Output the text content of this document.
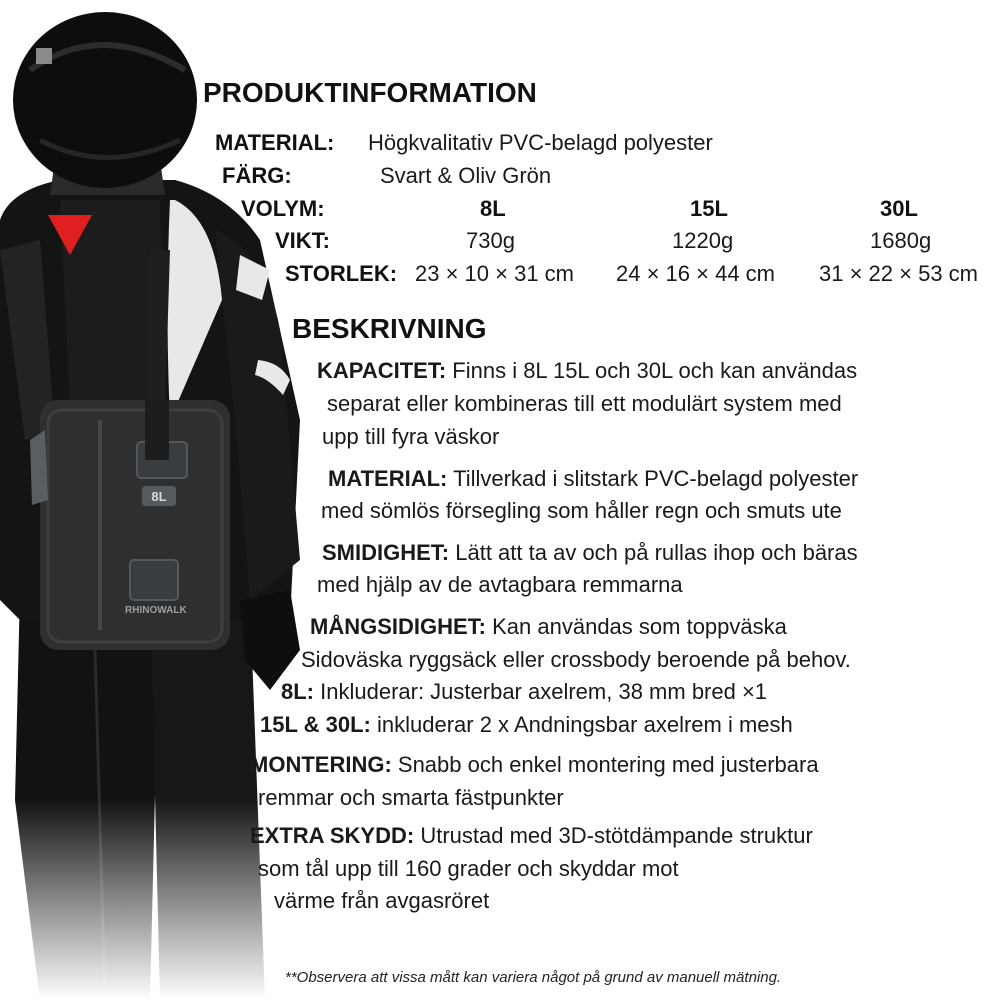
PRODUKTINFORMATION
MATERIAL: Högkvalitativ PVC-belagd polyester
FÄRG:	Svart & Oliv Grön
VOLYM:	8L	15L	30L
VIKT:	730g	1220g	1680g
STORLEK: 23 × 10 × 31 cm 24 × 16 × 44 cm 31 × 22 × 53 cm
BESKRIVNING
KAPACITET: Finns i 8L 15L och 30L och kan användas
separat eller kombineras till ett modulärt system med
upp till fyra väskor
MATERIAL: Tillverkad i slitstark PVC-belagd polyester
med sömlös försegling som håller regn och smuts ute
SMIDIGHET: Lätt att ta av och på rullas ihop och bäras
med hjälp av de avtagbara remmarna
MÅNGSIDIGHET: Kan användas som toppväska
Sidoväska ryggsäck eller crossbody beroende på behov.
8L: Inkluderar: Justerbar axelrem, 38 mm bred ×1
15L & 30L: inkluderar 2 x Andningsbar axelrem i mesh
MONTERING: Snabb och enkel montering med justerbara
remmar och smarta fästpunkter
EXTRA SKYDD: Utrustad med 3D-stötdämpande struktur
som tål upp till 160 grader och skyddar mot
värme från avgasröret
**Observera att vissa mått kan variera något på grund av manuell mätning.
